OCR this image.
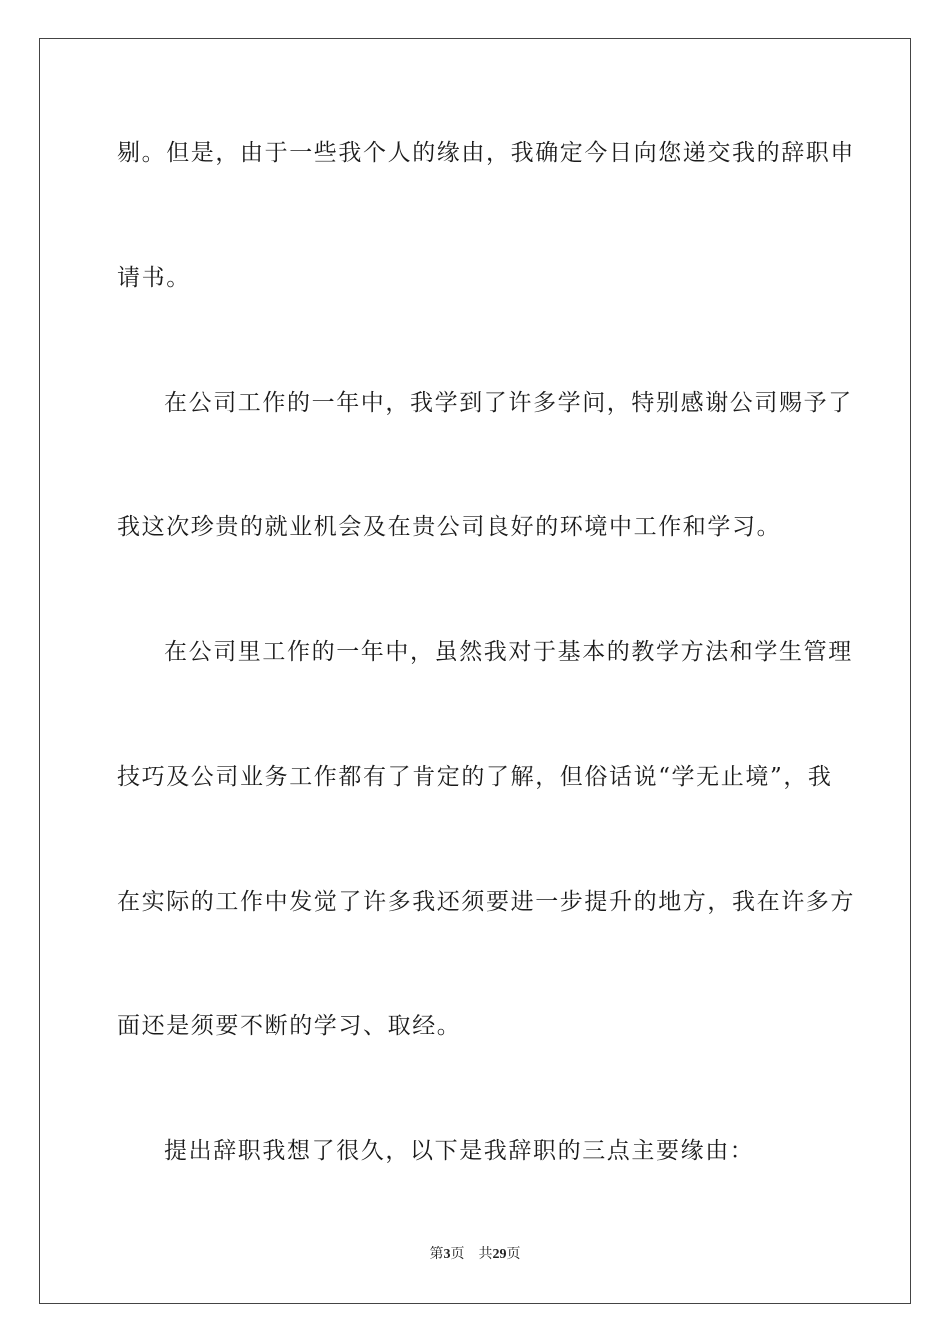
剔。但是，由于一些我个人的缘由，我确定今日向您递交我的辞职申
请书。
在公司工作的一年中，我学到了许多学问，特别感谢公司赐予了
我这次珍贵的就业机会及在贵公司良好的环境中工作和学习。
在公司里工作的一年中，虽然我对于基本的教学方法和学生管理
技巧及公司业务工作都有了肯定的了解，但俗话说“学无止境”，我
在实际的工作中发觉了许多我还须要进一步提升的地方，我在许多方
面还是须要不断的学习、取经。
提出辞职我想了很久，以下是我辞职的三点主要缘由：
第3页 共29页
